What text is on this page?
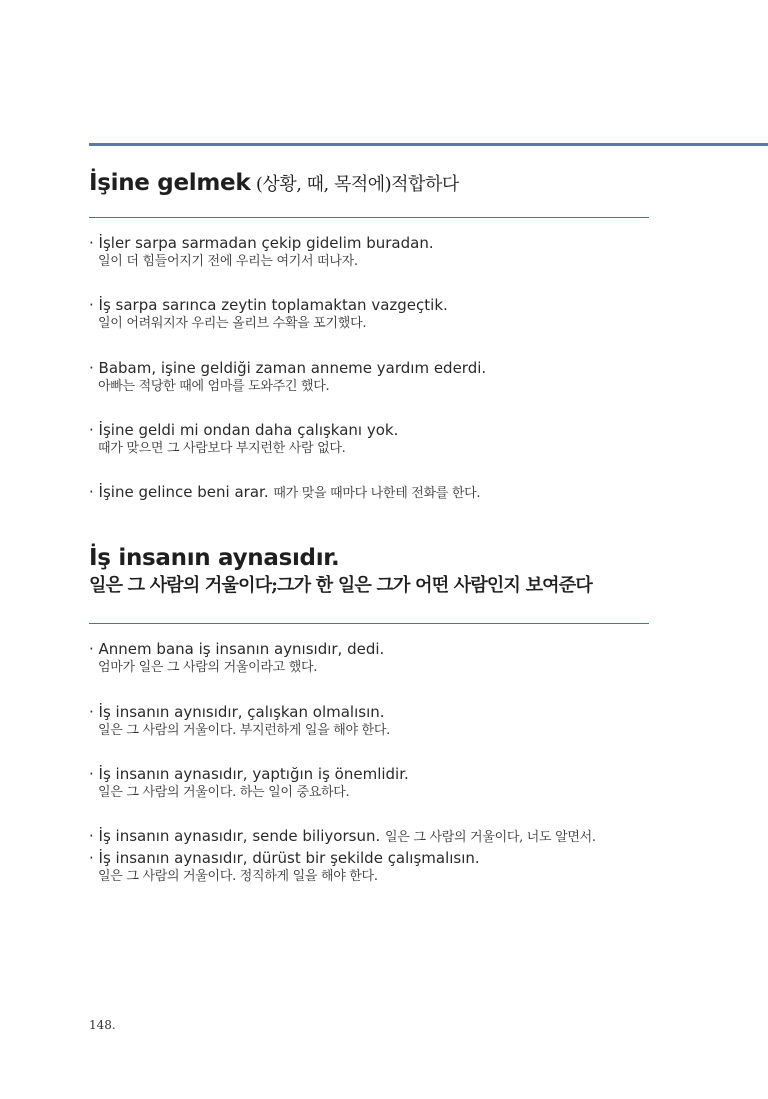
İşine gelmek (상황, 때, 목적에)적합하다
· İşler sarpa sarmadan çekip gidelim buradan.
일이 더 힘들어지기 전에 우리는 여기서 떠나자.
· İş sarpa sarınca zeytin toplamaktan vazgeçtik.
일이 어려워지자 우리는 올리브 수확을 포기했다.
· Babam, işine geldiği zaman anneme yardım ederdi.
아빠는 적당한 때에 엄마를 도와주긴 했다.
· İşine geldi mi ondan daha çalışkanı yok.
때가 맞으면 그 사람보다 부지런한 사람 없다.
· İşine gelince beni arar. 때가 맞을 때마다 나한테 전화를 한다.
İş insanın aynasıdır.
일은 그 사람의 거울이다;그가 한 일은 그가 어떤 사람인지 보여준다
· Annem bana iş insanın aynısıdır, dedi.
엄마가 일은 그 사람의 거울이라고 했다.
· İş insanın aynısıdır, çalışkan olmalısın.
일은 그 사람의 거울이다. 부지런하게 일을 해야 한다.
· İş insanın aynasıdır, yaptığın iş önemlidir.
일은 그 사람의 거울이다. 하는 일이 중요하다.
· İş insanın aynasıdır, sende biliyorsun. 일은 그 사람의 거울이다, 너도 알면서.
· İş insanın aynasıdır, dürüst bir şekilde çalışmalısın.
일은 그 사람의 거울이다. 정직하게 일을 해야 한다.
148.
